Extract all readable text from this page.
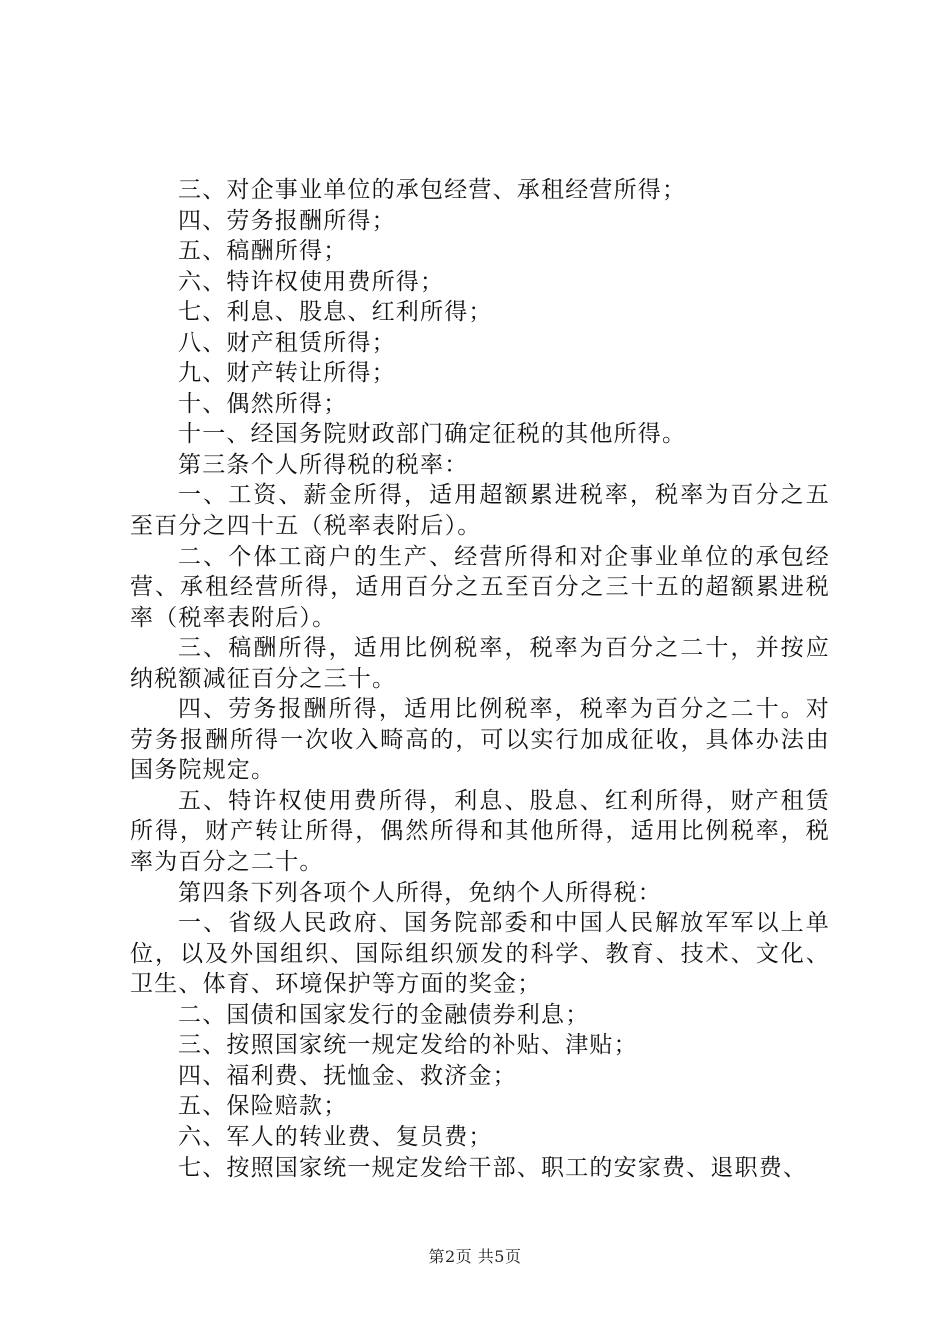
三、对企事业单位的承包经营、承租经营所得；

四、劳务报酬所得；

五、稿酬所得；

六、特许权使用费所得；

七、利息、股息、红利所得；

八、财产租赁所得；

九、财产转让所得；

十、偶然所得；

十一、经国务院财政部门确定征税的其他所得。

第三条个人所得税的税率：

一、工资、薪金所得，适用超额累进税率，税率为百分之五至百分之四十五（税率表附后）。

二、个体工商户的生产、经营所得和对企事业单位的承包经营、承租经营所得，适用百分之五至百分之三十五的超额累进税率（税率表附后）。

三、稿酬所得，适用比例税率，税率为百分之二十，并按应纳税额减征百分之三十。

四、劳务报酬所得，适用比例税率，税率为百分之二十。对劳务报酬所得一次收入畸高的，可以实行加成征收，具体办法由国务院规定。

五、特许权使用费所得，利息、股息、红利所得，财产租赁所得，财产转让所得，偶然所得和其他所得，适用比例税率，税率为百分之二十。

第四条下列各项个人所得，免纳个人所得税：

一、省级人民政府、国务院部委和中国人民解放军军以上单位，以及外国组织、国际组织颁发的科学、教育、技术、文化、卫生、体育、环境保护等方面的奖金；

二、国债和国家发行的金融债券利息；

三、按照国家统一规定发给的补贴、津贴；

四、福利费、抚恤金、救济金；

五、保险赔款；

六、军人的转业费、复员费；

七、按照国家统一规定发给干部、职工的安家费、退职费、

第2页 共5页
